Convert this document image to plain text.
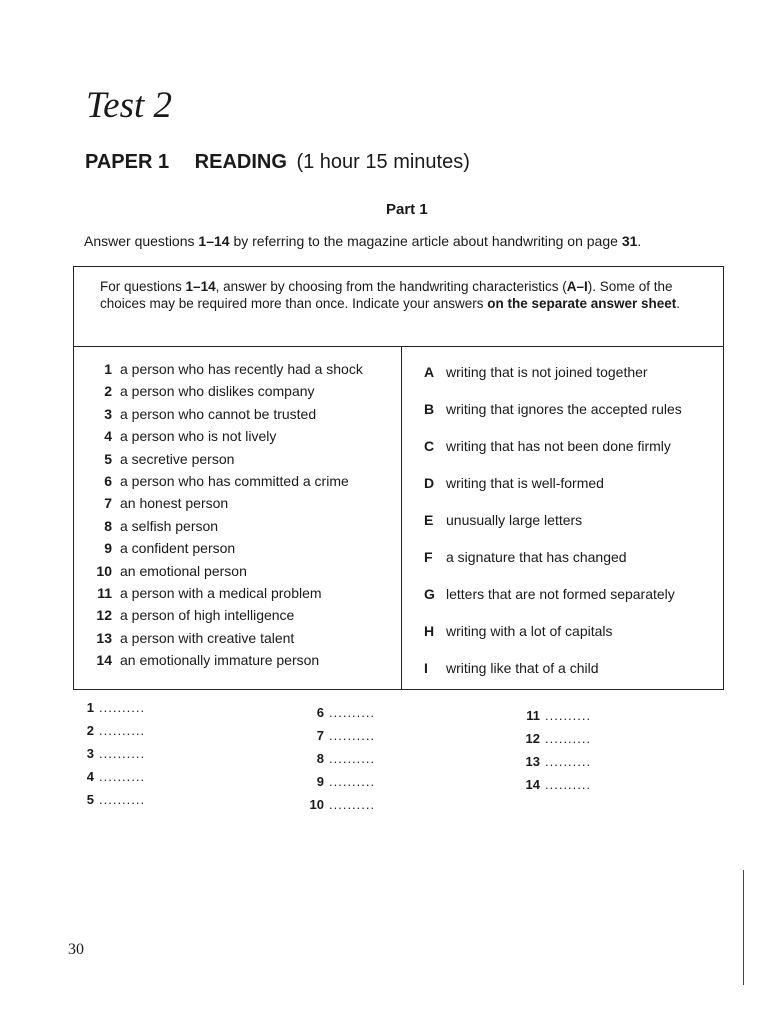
Test 2
PAPER 1 READING (1 hour 15 minutes)
Part 1

Answer questions 1–14 by referring to the magazine article about handwriting on page 31.

For questions 1–14, answer by choosing from the handwriting characteristics (A–I). Some of the choices may be required more than once. Indicate your answers on the separate answer sheet.
1 a person who has recently had a shock
2 a person who dislikes company
3 a person who cannot be trusted
4 a person who is not lively
5 a secretive person
6 a person who has committed a crime
7 an honest person
8 a selfish person
9 a confident person
10 an emotional person
11 a person with a medical problem
12 a person of high intelligence
13 a person with creative talent
14 an emotionally immature person
A writing that is not joined together
B writing that ignores the accepted rules
C writing that has not been done firmly
D writing that is well-formed
E unusually large letters
F a signature that has changed
G letters that are not formed separately
H writing with a lot of capitals
I writing like that of a child
1 ..........
2 ..........
3 ..........
4 ..........
5 ..........
6 ..........
7 ..........
8 ..........
9 ..........
10 ..........
11 ..........
12 ..........
13 ..........
14 ..........

30
